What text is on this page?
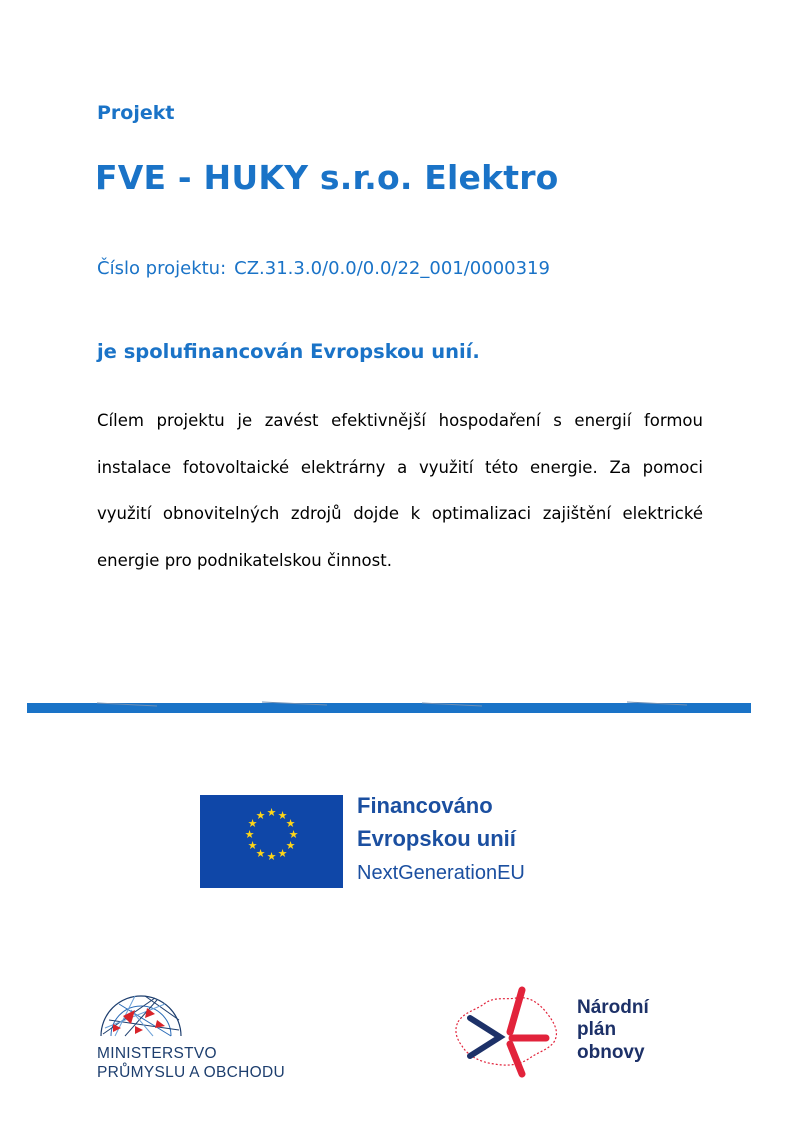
Projekt
FVE - HUKY s.r.o. Elektro
Číslo projektu: CZ.31.3.0/0.0/0.0/22_001/0000319
je spolufinancován Evropskou unií.
Cílem projektu je zavést efektivnější hospodaření s energií formou instalace fotovoltaické elektrárny a využití této energie. Za pomoci využití obnovitelných zdrojů dojde k optimalizaci zajištění elektrické energie pro podnikatelskou činnost.
★ ★
★
★
★
★
★
★
★
★
★
★	Financováno
Evropskou unií
NextGenerationEU
MINISTERSTVO
PRŮMYSLU A OBCHODU
Národní
plán
obnovy
